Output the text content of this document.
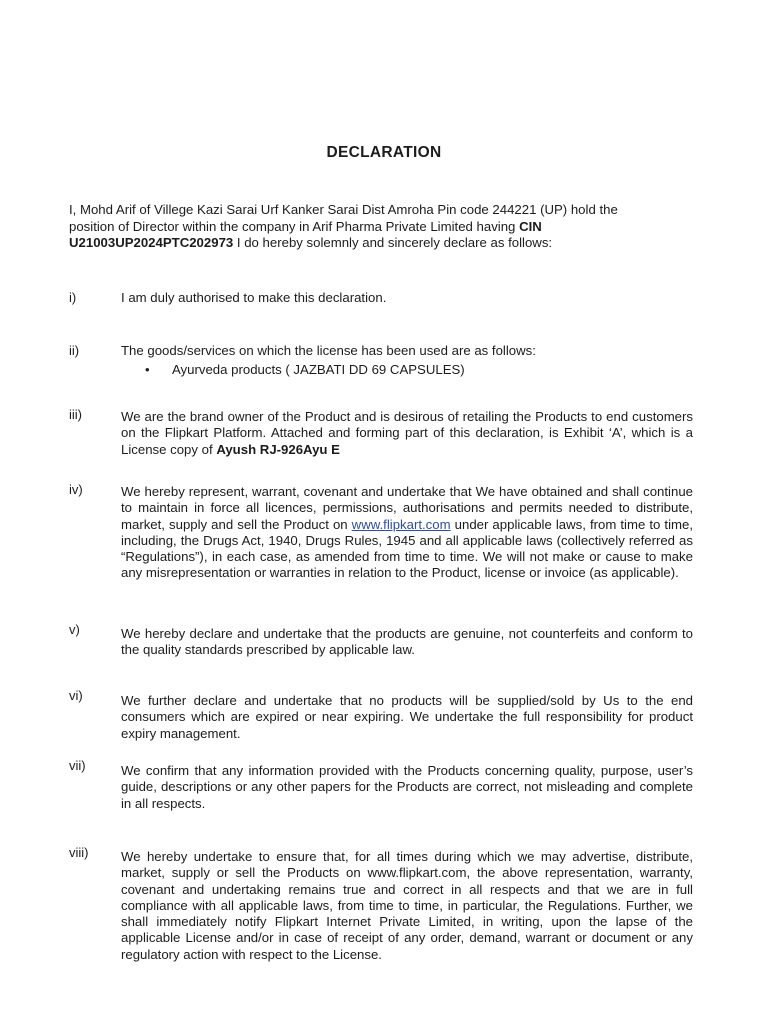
DECLARATION
I, Mohd Arif of Villege Kazi Sarai Urf Kanker Sarai Dist Amroha Pin code 244221 (UP) hold the
position of Director within the company in Arif Pharma Private Limited having CIN
U21003UP2024PTC202973 I do hereby solemnly and sincerely declare as follows:
i)	I am duly authorised to make this declaration.
ii)	The goods/services on which the license has been used are as follows:
• Ayurveda products ( JAZBATI DD 69 CAPSULES)
iii)	We are the brand owner of the Product and is desirous of retailing the Products to end customers on the Flipkart Platform. Attached and forming part of this declaration, is Exhibit ‘A’, which is a License copy of Ayush RJ-926Ayu E
iv)	We hereby represent, warrant, covenant and undertake that We have obtained and shall continue to maintain in force all licences, permissions, authorisations and permits needed to distribute, market, supply and sell the Product on www.flipkart.com under applicable laws, from time to time, including, the Drugs Act, 1940, Drugs Rules, 1945 and all applicable laws (collectively referred as “Regulations”), in each case, as amended from time to time. We will not make or cause to make any misrepresentation or warranties in relation to the Product, license or invoice (as applicable).
v)	We hereby declare and undertake that the products are genuine, not counterfeits and conform to the quality standards prescribed by applicable law.
vi)	We further declare and undertake that no products will be supplied/sold by Us to the end consumers which are expired or near expiring. We undertake the full responsibility for product expiry management.
vii)	We confirm that any information provided with the Products concerning quality, purpose, user’s guide, descriptions or any other papers for the Products are correct, not misleading and complete in all respects.
viii) We hereby undertake to ensure that, for all times during which we may advertise, distribute, market, supply or sell the Products on www.flipkart.com, the above representation, warranty, covenant and undertaking remains true and correct in all respects and that we are in full compliance with all applicable laws, from time to time, in particular, the Regulations. Further, we shall immediately notify Flipkart Internet Private Limited, in writing, upon the lapse of the applicable License and/or in case of receipt of any order, demand, warrant or document or any regulatory action with respect to the License.
